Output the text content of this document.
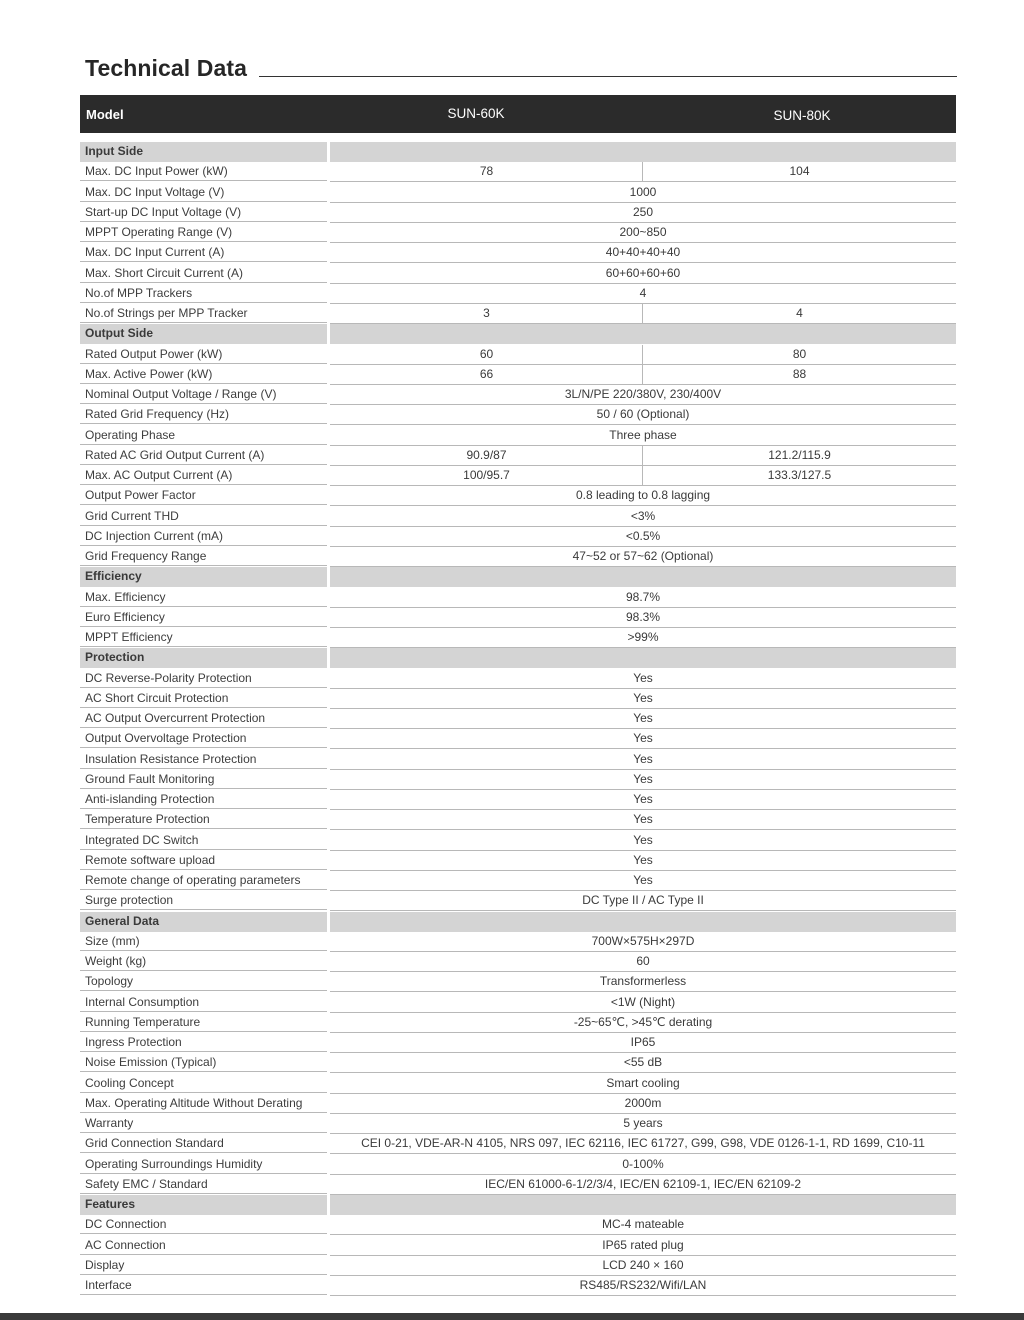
Technical Data
Model	SUN-60K	SUN-80K
Input Side
Max. DC Input Power (kW)	78	104
Max. DC Input Voltage (V)	1000
Start-up DC Input Voltage (V)	250
MPPT Operating Range (V)	200~850
Max. DC Input Current (A)	40+40+40+40
Max. Short Circuit Current (A)	60+60+60+60
No.of MPP Trackers	4
No.of Strings per MPP Tracker	3	4
Output Side
Rated Output Power (kW)	60	80
Max. Active Power (kW)	66	88
Nominal Output Voltage / Range (V)	3L/N/PE 220/380V, 230/400V
Rated Grid Frequency (Hz)	50 / 60 (Optional)
Operating Phase	Three phase
Rated AC Grid Output Current (A)	90.9/87	121.2/115.9
Max. AC Output Current (A)	100/95.7	133.3/127.5
Output Power Factor	0.8 leading to 0.8 lagging
Grid Current THD	<3%
DC Injection Current (mA)	<0.5%
Grid Frequency Range	47~52 or 57~62 (Optional)
Efficiency
Max. Efficiency	98.7%
Euro Efficiency	98.3%
MPPT Efficiency	>99%
Protection
DC Reverse-Polarity Protection	Yes
AC Short Circuit Protection	Yes
AC Output Overcurrent Protection	Yes
Output Overvoltage Protection	Yes
Insulation Resistance Protection	Yes
Ground Fault Monitoring	Yes
Anti-islanding Protection	Yes
Temperature Protection	Yes
Integrated DC Switch	Yes
Remote software upload	Yes
Remote change of operating parameters	Yes
Surge protection	DC Type II / AC Type II
General Data
Size (mm)	700W×575H×297D
Weight (kg)	60
Topology	Transformerless
Internal Consumption	<1W (Night)
Running Temperature	-25~65℃, >45℃ derating
Ingress Protection	IP65
Noise Emission (Typical)	<55 dB
Cooling Concept	Smart cooling
Max. Operating Altitude Without Derating	2000m
Warranty	5 years
Grid Connection Standard	CEI 0-21, VDE-AR-N 4105, NRS 097, IEC 62116, IEC 61727, G99, G98, VDE 0126-1-1, RD 1699, C10-11
Operating Surroundings Humidity	0-100%
Safety EMC / Standard	IEC/EN 61000-6-1/2/3/4, IEC/EN 62109-1, IEC/EN 62109-2
Features
DC Connection	MC-4 mateable
AC Connection	IP65 rated plug
Display	LCD 240 × 160
Interface	RS485/RS232/Wifi/LAN
